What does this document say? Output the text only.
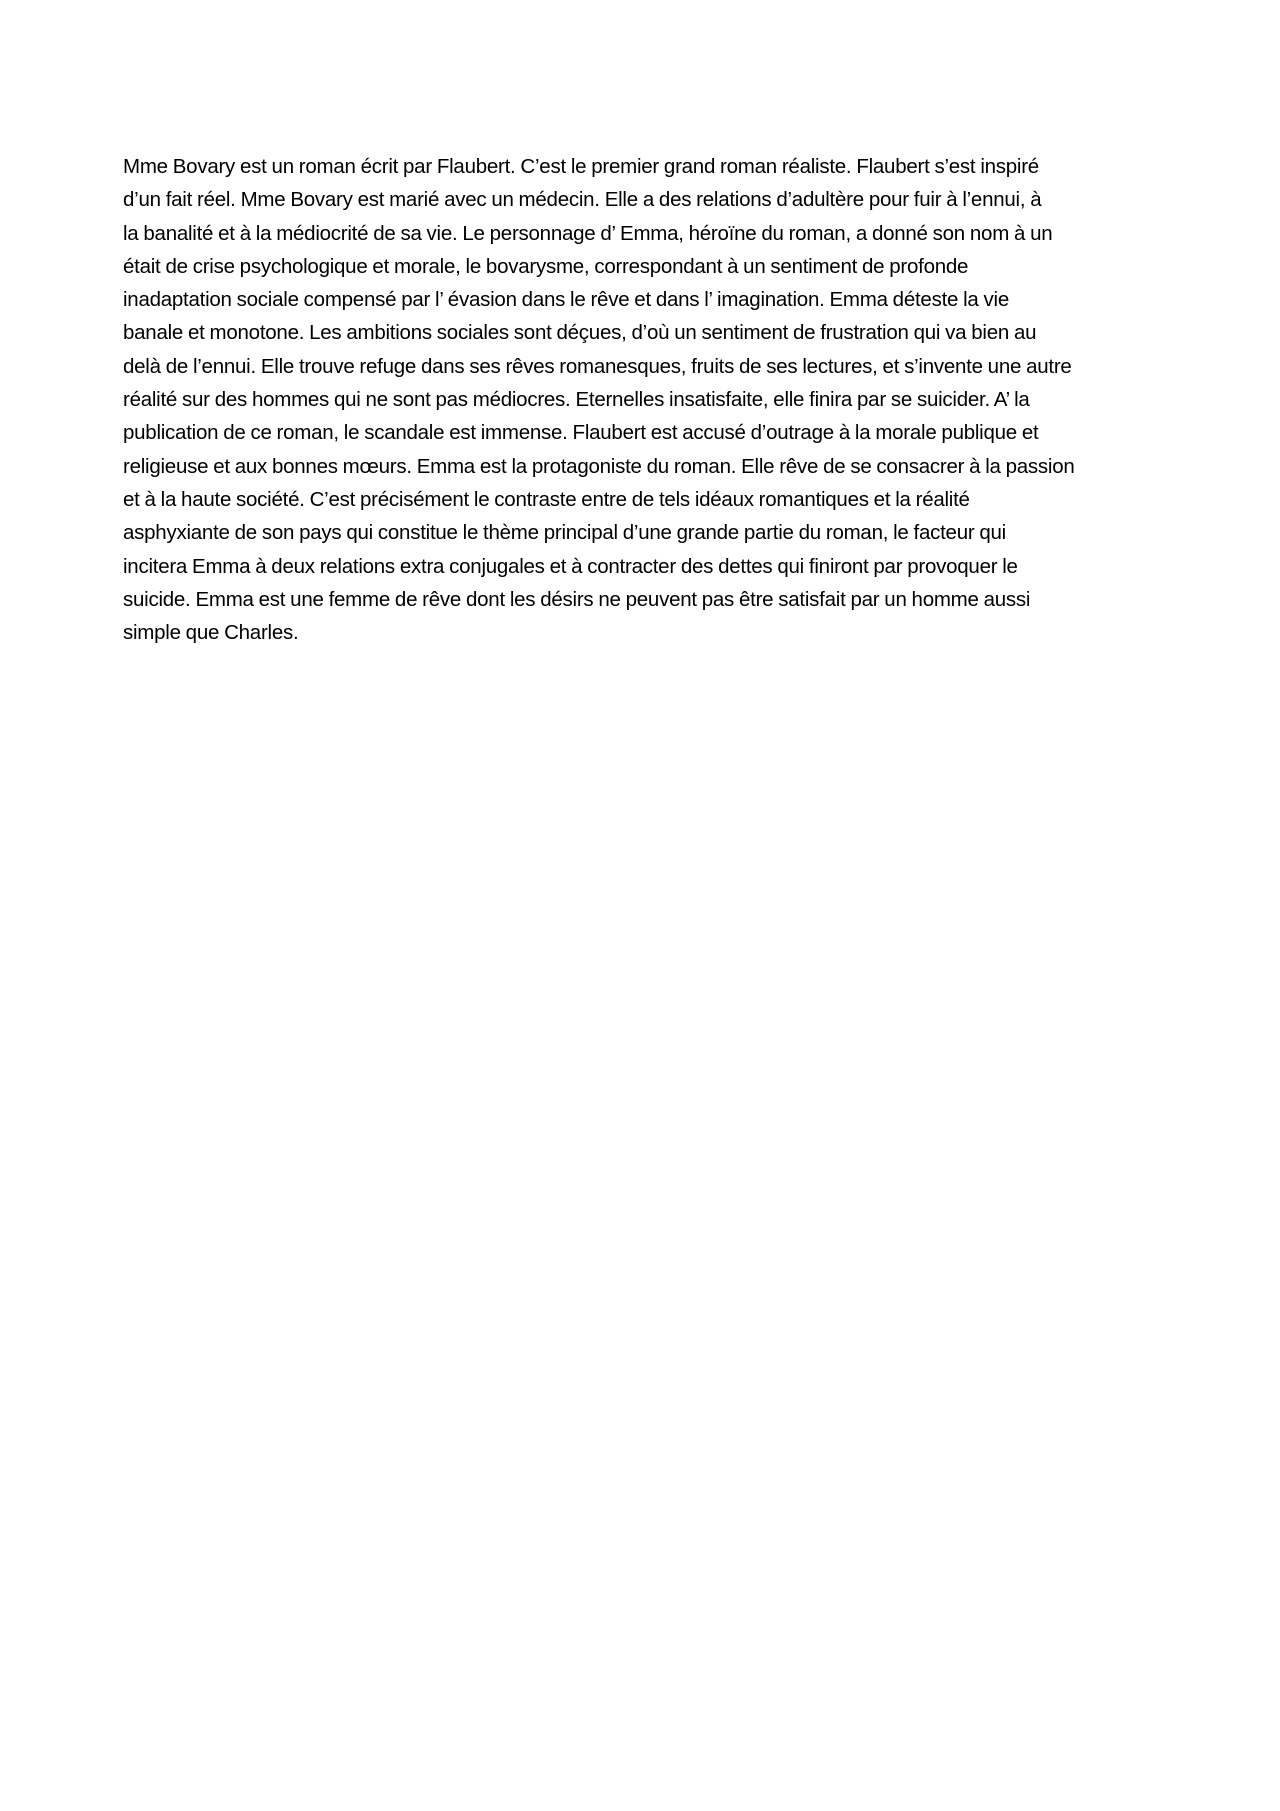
Mme Bovary est un roman écrit par Flaubert. C’est le premier grand roman réaliste. Flaubert s’est inspiré
d’un fait réel. Mme Bovary est marié avec un médecin. Elle a des relations d’adultère pour fuir à l’ennui, à
la banalité et à la médiocrité de sa vie. Le personnage d’ Emma, héroïne du roman, a donné son nom à un
était de crise psychologique et morale, le bovarysme, correspondant à un sentiment de profonde
inadaptation sociale compensé par l’ évasion dans le rêve et dans l’ imagination. Emma déteste la vie
banale et monotone. Les ambitions sociales sont déçues, d’où un sentiment de frustration qui va bien au
delà de l’ennui. Elle trouve refuge dans ses rêves romanesques, fruits de ses lectures, et s’invente une autre
réalité sur des hommes qui ne sont pas médiocres. Eternelles insatisfaite, elle finira par se suicider. A’ la
publication de ce roman, le scandale est immense. Flaubert est accusé d’outrage à la morale publique et
religieuse et aux bonnes mœurs. Emma est la protagoniste du roman. Elle rêve de se consacrer à la passion
et à la haute société. C’est précisément le contraste entre de tels idéaux romantiques et la réalité
asphyxiante de son pays qui constitue le thème principal d’une grande partie du roman, le facteur qui
incitera Emma à deux relations extra conjugales et à contracter des dettes qui finiront par provoquer le
suicide. Emma est une femme de rêve dont les désirs ne peuvent pas être satisfait par un homme aussi
simple que Charles.
